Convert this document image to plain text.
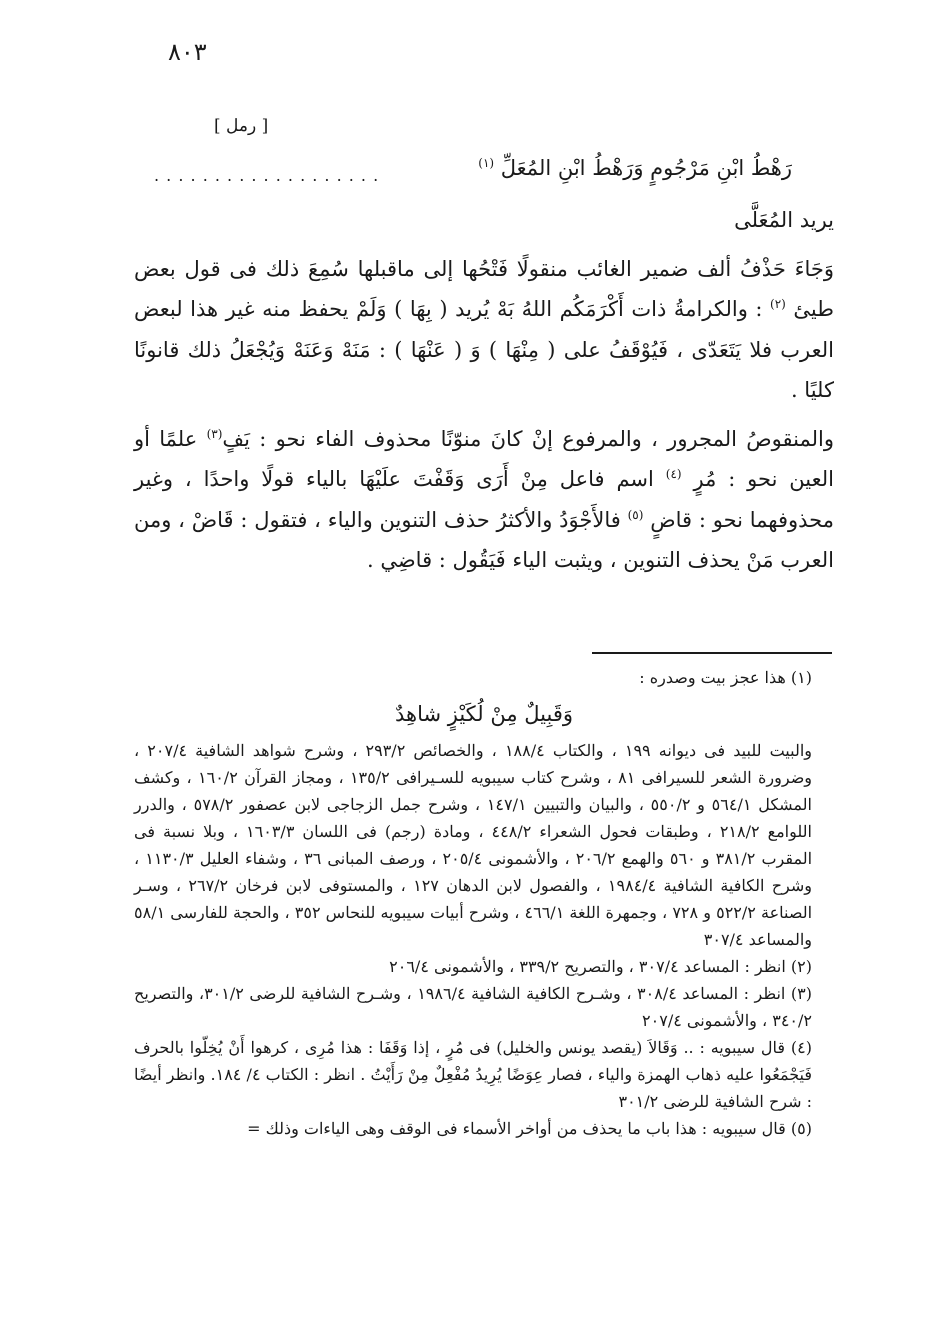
٨٠٣
[ رمل ]
رَهْطُ ابْنِ مَرْجُومٍ وَرَهْطُ ابْنِ المُعَلِّ $^{(١)}$
. . . . . . . . . . . . . . . . . . .

يريد المُعَلَّى

وَجَاءَ حَذْفُ ألف ضمير الغائب منقولًا فَتْحُها إلى ماقبلها سُمِعَ ذلك فى قول بعض طيئ $^{(٢)}$ : والكرامةُ ذات أَكْرَمَكُم اللهُ بَهْ يُريد ( بِهَا ) وَلَمْ يحفظ منه غير هذا لبعض العرب فلا يَتَعَدّى ، فَيُوْقَفُ على ( مِنْهَا ) وَ ( عَنْهَا ) : مَنَهْ وَعَنَهْ وَيُجْعَلُ ذلك قانونًا كليًا .

والمنقوصُ المجرور ، والمرفوع إنْ كانَ منوّنًا محذوف الفاء نحو : يَفٍ$^{(٣)}$ علمًا أو العين نحو : مُرٍ $^{(٤)}$ اسم فاعل مِنْ أَرَى وَقَفْتَ علَيْهَا بالياء قولًا واحدًا ، وغير محذوفهما نحو : قاضٍ $^{(٥)}$ فالأَجْوَدُ والأكثرُ حذف التنوين والياء ، فتقول : قَاضْ ، ومن العرب مَنْ يحذف التنوين ، ويثبت الياء فَيَقُول : قاضِي .

(١) هذا عجز بيت وصدره :

وَقَبِيلٌ مِنْ لُكَيْزٍ شاهِدٌ

والبيت للبيد فى ديوانه ١٩٩ ، والكتاب ١٨٨/٤ ، والخصائص ٢٩٣/٢ ، وشرح شواهد الشافية ٢٠٧/٤ ، وضرورة الشعر للسيرافى ٨١ ، وشرح كتاب سيبويه للسـيرافى ١٣٥/٢ ، ومجاز القرآن ١٦٠/٢ ، وكشف المشكل ٥٦٤/١ و ٥٥٠/٢ ، والبيان والتبيين ١٤٧/١ ، وشرح جمل الزجاجى لابن عصفور ٥٧٨/٢ ، والدرر اللوامع ٢١٨/٢ ، وطبقات فحول الشعراء ٤٤٨/٢ ، ومادة (رجم) فى اللسان ١٦٠٣/٣ ، وبلا نسبة فى المقرب ٣٨١/٢ و ٥٦٠ والهمع ٢٠٦/٢ ، والأشمونى ٢٠٥/٤ ، ورصف المبانى ٣٦ ، وشفاء العليل ١١٣٠/٣ ، وشرح الكافية الشافية ١٩٨٤/٤ ، والفصول لابن الدهان ١٢٧ ، والمستوفى لابن فرخان ٢٦٧/٢ ، وسـر الصناعة ٥٢٢/٢ و ٧٢٨ ، وجمهرة اللغة ٤٦٦/١ ، وشرح أبيات سيبويه للنحاس ٣٥٢ ، والحجة للفارسى ٥٨/١ والمساعد ٣٠٧/٤

(٢) انظر : المساعد ٣٠٧/٤ ، والتصريح ٣٣٩/٢ ، والأشمونى ٢٠٦/٤

(٣) انظر : المساعد ٣٠٨/٤ ، وشـرح الكافية الشافية ١٩٨٦/٤ ، وشـرح الشافية للرضى ٣٠١/٢، والتصريح ٣٤٠/٢ ، والأشمونى ٢٠٧/٤

(٤) قال سيبويه : .. وَقَالاَ (يقصد يونس والخليل) فى مُرٍ ، إذا وَقَفَا : هذا مُرِى ، كرهوا أَنْ يُخِلّوا بالحرف فَيَجْمَعُوا عليه ذهاب الهمزة والياء ، فصار عِوَضًا يُرِيدُ مُفْعِلٌ مِنْ رَأَيْتُ . انظر : الكتاب ٤/ ١٨٤. وانظر أيضًا : شرح الشافية للرضى ٣٠١/٢

(٥) قال سيبويه : هذا باب ما يحذف من أواخر الأسماء فى الوقف وهى الياءات وذلك =
